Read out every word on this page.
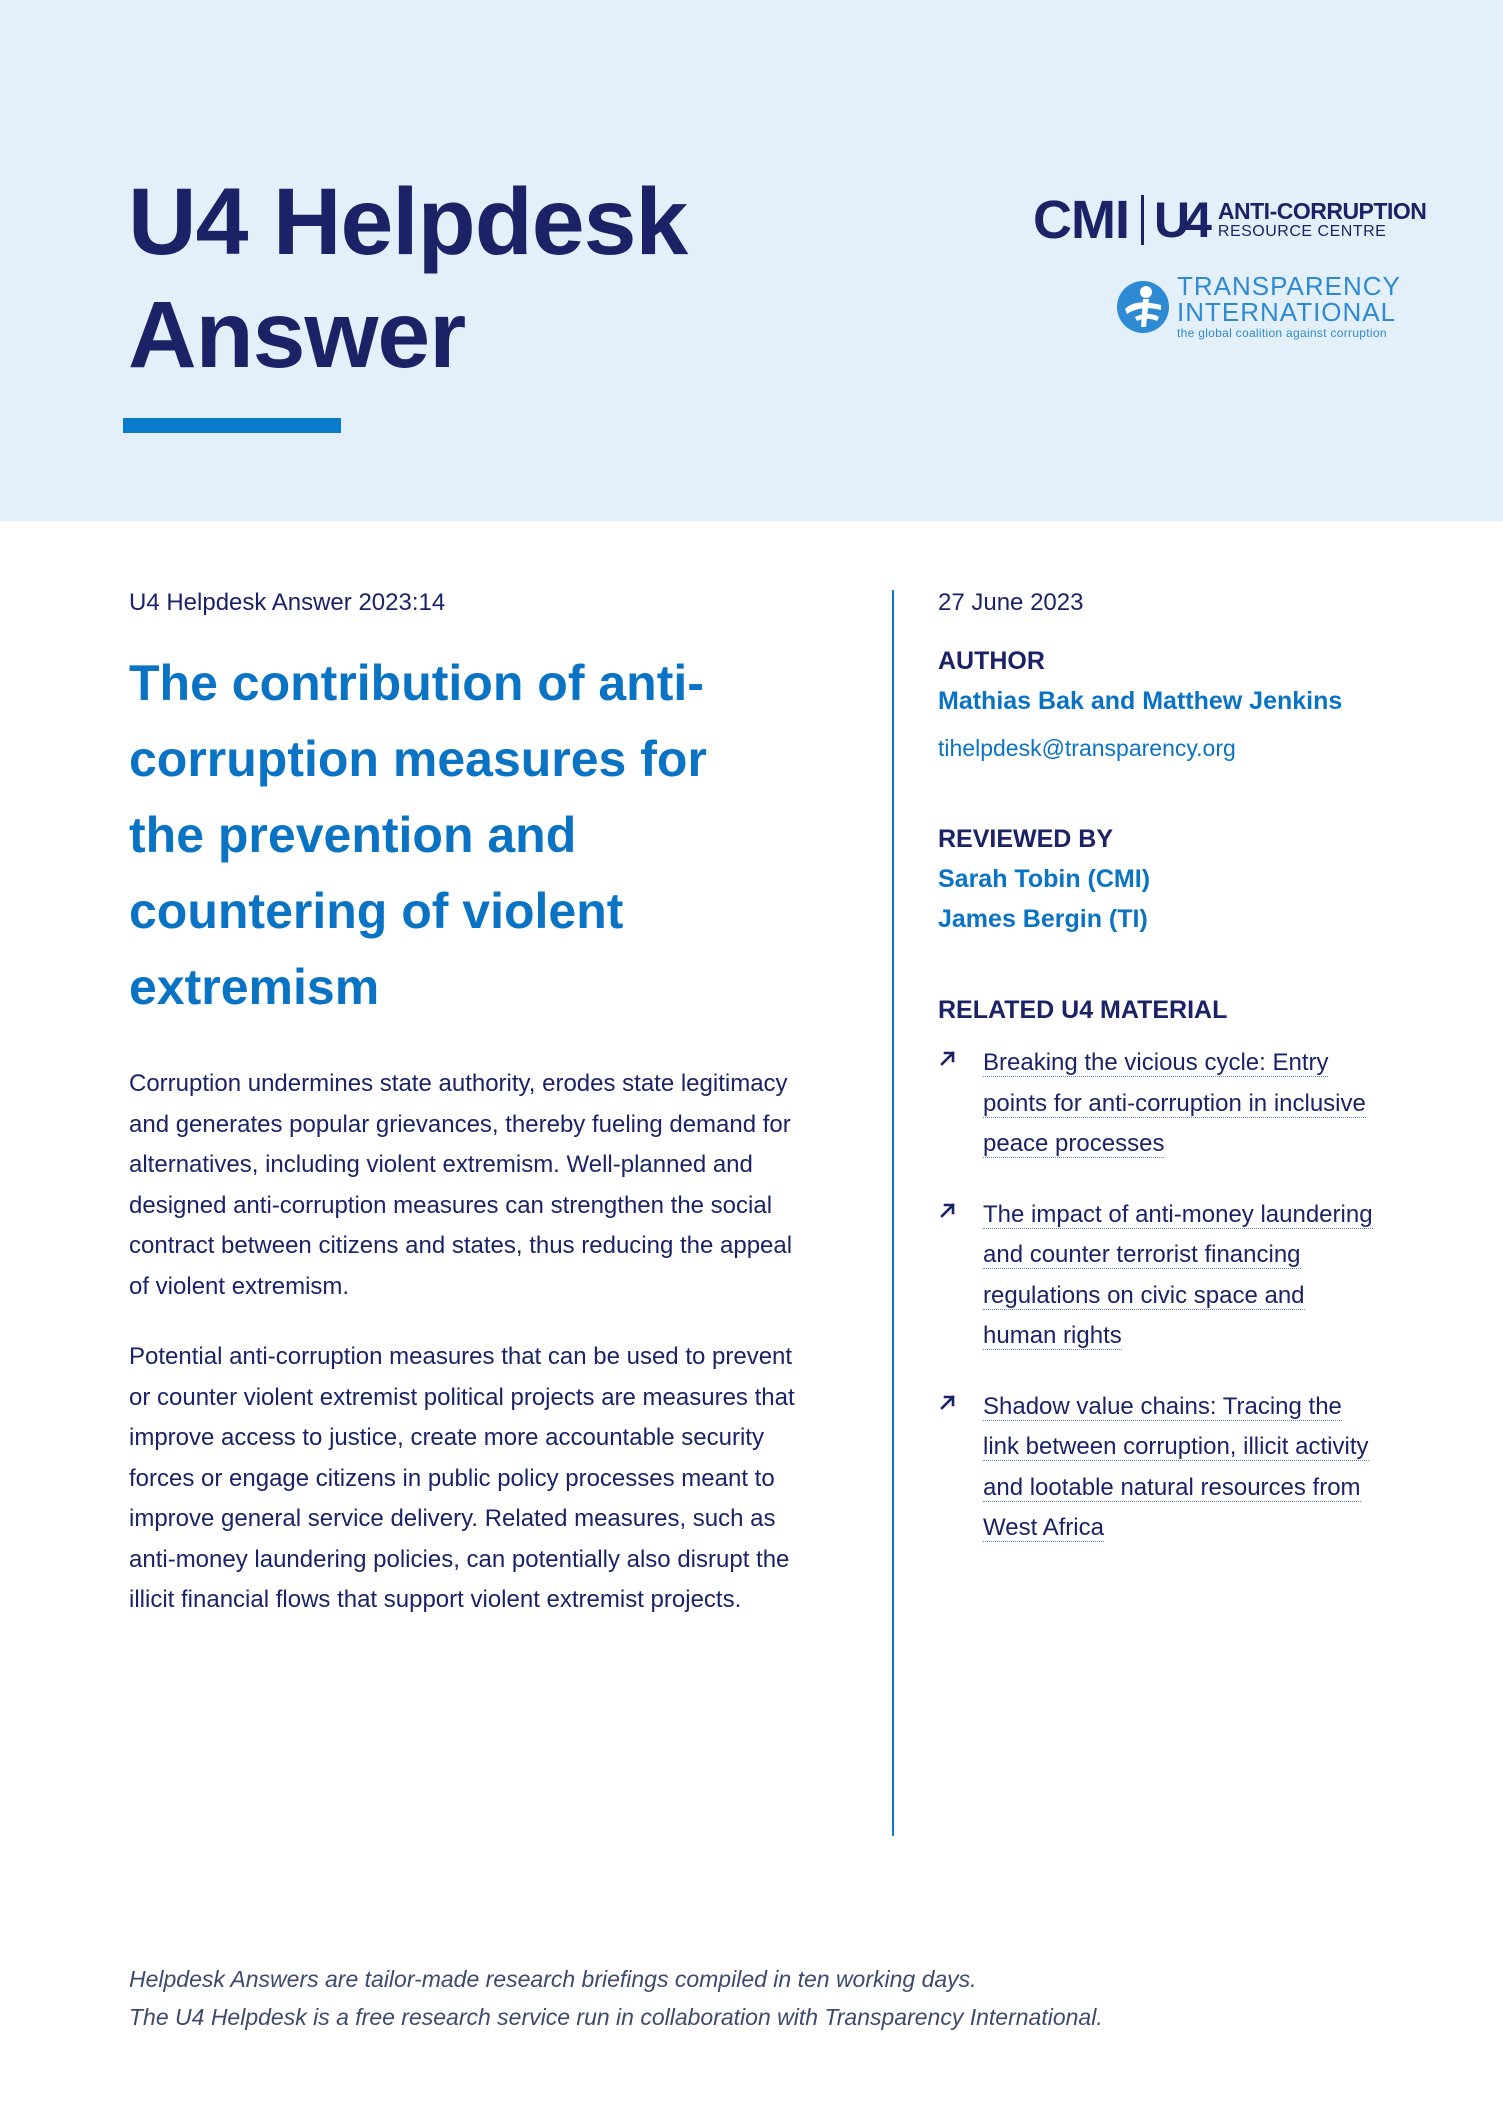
U4 Helpdesk
Answer
CMI U4 ANTI-CORRUPTION
RESOURCE CENTRE
TRANSPARENCY
INTERNATIONAL
the global coalition against corruption

U4 Helpdesk Answer 2023:14

The contribution of anti-corruption measures for the prevention and countering of violent extremism

Corruption undermines state authority, erodes state legitimacy and generates popular grievances, thereby fueling demand for alternatives, including violent extremism. Well-planned and designed anti-corruption measures can strengthen the social contract between citizens and states, thus reducing the appeal of violent extremism.

Potential anti-corruption measures that can be used to prevent or counter violent extremist political projects are measures that improve access to justice, create more accountable security forces or engage citizens in public policy processes meant to improve general service delivery. Related measures, such as anti-money laundering policies, can potentially also disrupt the illicit financial flows that support violent extremist projects.

27 June 2023

AUTHOR

Mathias Bak and Matthew Jenkins

tihelpdesk@transparency.org

REVIEWED BY

Sarah Tobin (CMI)

James Bergin (TI)

RELATED U4 MATERIAL

Breaking the vicious cycle: Entry points for anti-corruption in inclusive peace processes
The impact of anti-money laundering and counter terrorist financing regulations on civic space and human rights
Shadow value chains: Tracing the link between corruption, illicit activity and lootable natural resources from West Africa

Helpdesk Answers are tailor-made research briefings compiled in ten working days.
The U4 Helpdesk is a free research service run in collaboration with Transparency International.
